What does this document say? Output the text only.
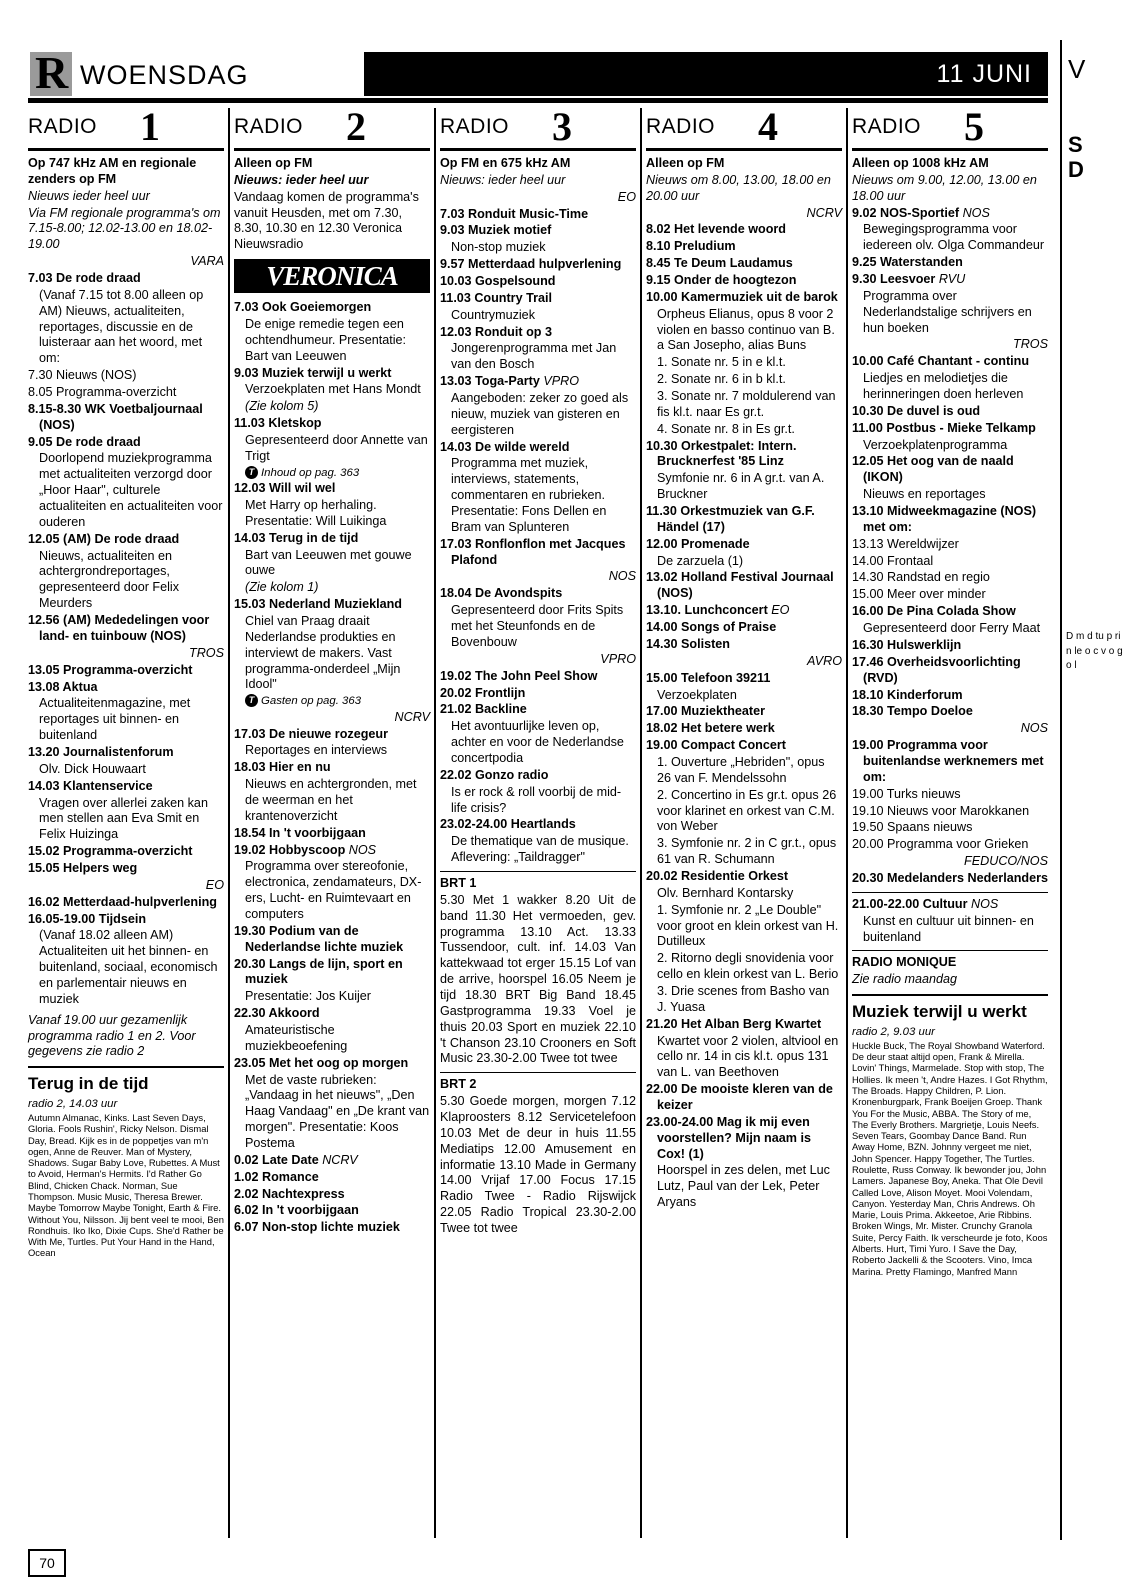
R WOENSDAG	11 JUNI
RADIO 1

Op 747 kHz AM en regionale zenders op FM

Nieuws ieder heel uur

Via FM regionale programma's om 7.15-8.00; 12.02-13.00 en 18.02-19.00

VARA

7.03 De rode draad

(Vanaf 7.15 tot 8.00 alleen op AM) Nieuws, actualiteiten, reportages, discussie en de luisteraar aan het woord, met om:

7.30 Nieuws (NOS)

8.05 Programma-overzicht

8.15-8.30 WK Voetbaljournaal (NOS)

9.05 De rode draad

Doorlopend muziekprogramma met actualiteiten verzorgd door „Hoor Haar", culturele actualiteiten en actualiteiten voor ouderen

12.05 (AM) De rode draad

Nieuws, actualiteiten en achtergrondreportages, gepresenteerd door Felix Meurders

12.56 (AM) Mededelingen voor land- en tuinbouw (NOS)

TROS

13.05 Programma-overzicht

13.08 Aktua

Actualiteitenmagazine, met reportages uit binnen- en buitenland

13.20 Journalistenforum

Olv. Dick Houwaart

14.03 Klantenservice

Vragen over allerlei zaken kan men stellen aan Eva Smit en Felix Huizinga

15.02 Programma-overzicht

15.05 Helpers weg

EO

16.02 Metterdaad-hulpverlening

16.05-19.00 Tijdsein

(Vanaf 18.02 alleen AM) Actualiteiten uit het binnen- en buitenland, sociaal, economisch en parlementair nieuws en muziek

Vanaf 19.00 uur gezamenlijk programma radio 1 en 2. Voor gegevens zie radio 2

Terug in de tijd

radio 2, 14.03 uur

Autumn Almanac, Kinks. Last Seven Days, Gloria. Fools Rushin', Ricky Nelson. Dismal Day, Bread. Kijk es in de poppetjes van m'n ogen, Anne de Reuver. Man of Mystery, Shadows. Sugar Baby Love, Rubettes. A Must to Avoid, Herman's Hermits. I'd Rather Go Blind, Chicken Chack. Norman, Sue Thompson. Music Music, Theresa Brewer. Maybe Tomorrow Maybe Tonight, Earth & Fire. Without You, Nilsson. Jij bent veel te mooi, Ben Rondhuis. Iko Iko, Dixie Cups. She'd Rather be With Me, Turtles. Put Your Hand in the Hand, Ocean

RADIO 2

Alleen op FM

Nieuws: ieder heel uur

Vandaag komen de programma's vanuit Heusden, met om 7.30, 8.30, 10.30 en 12.30 Veronica Nieuwsradio

VERONICA

7.03 Ook Goeiemorgen

De enige remedie tegen een ochtendhumeur. Presentatie: Bart van Leeuwen

9.03 Muziek terwijl u werkt

Verzoekplaten met Hans Mondt

(Zie kolom 5)

11.03 Kletskop

Gepresenteerd door Annette van Trigt

T Inhoud op pag. 363

12.03 Will wil wel

Met Harry op herhaling. Presentatie: Will Luikinga

14.03 Terug in de tijd

Bart van Leeuwen met gouwe ouwe

(Zie kolom 1)

15.03 Nederland Muziekland

Chiel van Praag draait Nederlandse produkties en interviewt de makers. Vast programma-onderdeel „Mijn Idool"

T Gasten op pag. 363

NCRV

17.03 De nieuwe rozegeur

Reportages en interviews

18.03 Hier en nu

Nieuws en achtergronden, met de weerman en het krantenoverzicht

18.54 In 't voorbijgaan

19.02 Hobbyscoop NOS

Programma over stereofonie, electronica, zendamateurs, DX-ers, Lucht- en Ruimtevaart en computers

19.30 Podium van de Nederlandse lichte muziek

20.30 Langs de lijn, sport en muziek

Presentatie: Jos Kuijer

22.30 Akkoord

Amateuristische muziekbeoefening

23.05 Met het oog op morgen

Met de vaste rubrieken: „Vandaag in het nieuws", „Den Haag Vandaag" en „De krant van morgen". Presentatie: Koos Postema

0.02 Late Date NCRV

1.02 Romance

2.02 Nachtexpress

6.02 In 't voorbijgaan

6.07 Non-stop lichte muziek

RADIO 3

Op FM en 675 kHz AM

Nieuws: ieder heel uur

EO

7.03 Ronduit Music-Time

9.03 Muziek motief

Non-stop muziek

9.57 Metterdaad hulpverlening

10.03 Gospelsound

11.03 Country Trail

Countrymuziek

12.03 Ronduit op 3

Jongerenprogramma met Jan van den Bosch

13.03 Toga-Party VPRO

Aangeboden: zeker zo goed als nieuw, muziek van gisteren en eergisteren

14.03 De wilde wereld

Programma met muziek, interviews, statements, commentaren en rubrieken. Presentatie: Fons Dellen en Bram van Splunteren

17.03 Ronflonflon met Jacques Plafond

NOS

18.04 De Avondspits

Gepresenteerd door Frits Spits met het Steunfonds en de Bovenbouw

VPRO

19.02 The John Peel Show

20.02 Frontlijn

21.02 Backline

Het avontuurlijke leven op, achter en voor de Nederlandse concertpodia

22.02 Gonzo radio

Is er rock & roll voorbij de mid-life crisis?

23.02-24.00 Heartlands

De thematique van de musique. Aflevering: „Taildragger"

BRT 1

5.30 Met 1 wakker 8.20 Uit de band 11.30 Het vermoeden, gev. programma 13.10 Act. 13.33 Tussendoor, cult. inf. 14.03 Van kattekwaad tot erger 15.15 Lof van de arrive, hoorspel 16.05 Neem je tijd 18.30 BRT Big Band 18.45 Gastprogramma 19.33 Voel je thuis 20.03 Sport en muziek 22.10 't Chanson 23.10 Crooners en Soft Music 23.30-2.00 Twee tot twee

BRT 2

5.30 Goede morgen, morgen 7.12 Klaproosters 8.12 Servicetelefoon 10.03 Met de deur in huis 11.55 Mediatips 12.00 Amusement en informatie 13.10 Made in Germany 14.00 Vrijaf 17.00 Focus 17.15 Radio Twee - Radio Rijswijck 22.05 Radio Tropical 23.30-2.00 Twee tot twee

RADIO 4

Alleen op FM

Nieuws om 8.00, 13.00, 18.00 en 20.00 uur

NCRV

8.02 Het levende woord

8.10 Preludium

8.45 Te Deum Laudamus

9.15 Onder de hoogtezon

10.00 Kamermuziek uit de barok

Orpheus Elianus, opus 8 voor 2 violen en basso continuo van B. a San Josepho, alias Buns

1. Sonate nr. 5 in e kl.t.

2. Sonate nr. 6 in b kl.t.

3. Sonate nr. 7 moldulerend van fis kl.t. naar Es gr.t.

4. Sonate nr. 8 in Es gr.t.

10.30 Orkestpalet: Intern. Brucknerfest '85 Linz

Symfonie nr. 6 in A gr.t. van A. Bruckner

11.30 Orkestmuziek van G.F. Händel (17)

12.00 Promenade

De zarzuela (1)

13.02 Holland Festival Journaal (NOS)

13.10. Lunchconcert EO

14.00 Songs of Praise

14.30 Solisten

AVRO

15.00 Telefoon 39211

Verzoekplaten

17.00 Muziektheater

18.02 Het betere werk

19.00 Compact Concert

1. Ouverture „Hebriden", opus 26 van F. Mendelssohn

2. Concertino in Es gr.t. opus 26 voor klarinet en orkest van C.M. von Weber

3. Symfonie nr. 2 in C gr.t., opus 61 van R. Schumann

20.02 Residentie Orkest

Olv. Bernhard Kontarsky

1. Symfonie nr. 2 „Le Double" voor groot en klein orkest van H. Dutilleux

2. Ritorno degli snovidenia voor cello en klein orkest van L. Berio

3. Drie scenes from Basho van J. Yuasa

21.20 Het Alban Berg Kwartet

Kwartet voor 2 violen, altviool en cello nr. 14 in cis kl.t. opus 131 van L. van Beethoven

22.00 De mooiste kleren van de keizer

23.00-24.00 Mag ik mij even voorstellen? Mijn naam is Cox! (1)

Hoorspel in zes delen, met Luc Lutz, Paul van der Lek, Peter Aryans

RADIO 5

Alleen op 1008 kHz AM

Nieuws om 9.00, 12.00, 13.00 en 18.00 uur

9.02 NOS-Sportief NOS

Bewegingsprogramma voor iedereen olv. Olga Commandeur

9.25 Waterstanden

9.30 Leesvoer RVU

Programma over Nederlandstalige schrijvers en hun boeken

TROS

10.00 Café Chantant - continu

Liedjes en melodietjes die herinneringen doen herleven

10.30 De duvel is oud

11.00 Postbus - Mieke Telkamp

Verzoekplatenprogramma

12.05 Het oog van de naald (IKON)

Nieuws en reportages

13.10 Midweekmagazine (NOS) met om:

13.13 Wereldwijzer

14.00 Frontaal

14.30 Randstad en regio

15.00 Meer over minder

16.00 De Pina Colada Show

Gepresenteerd door Ferry Maat

16.30 Hulswerklijn

17.46 Overheidsvoorlichting (RVD)

18.10 Kinderforum

18.30 Tempo Doeloe

NOS

19.00 Programma voor buitenlandse werknemers met om:

19.00 Turks nieuws

19.10 Nieuws voor Marokkanen

19.50 Spaans nieuws

20.00 Programma voor Grieken

FEDUCO/NOS

20.30 Medelanders Nederlanders

21.00-22.00 Cultuur NOS

Kunst en cultuur uit binnen- en buitenland

RADIO MONIQUE

Zie radio maandag

Muziek terwijl u werkt

radio 2, 9.03 uur

Huckle Buck, The Royal Showband Waterford. De deur staat altijd open, Frank & Mirella. Lovin' Things, Marmelade. Stop with stop, The Hollies. Ik meen 't, Andre Hazes. I Got Rhythm, The Broads. Happy Children, P. Lion. Kronenburgpark, Frank Boeijen Groep. Thank You For the Music, ABBA. The Story of me, The Everly Brothers. Margrietje, Louis Neefs. Seven Tears, Goombay Dance Band. Run Away Home, BZN. Johnny vergeet me niet, John Spencer. Happy Together, The Turtles. Roulette, Russ Conway. Ik bewonder jou, John Lamers. Japanese Boy, Aneka. That Ole Devil Called Love, Alison Moyet. Mooi Volendam, Canyon. Yesterday Man, Chris Andrews. Oh Marie, Louis Prima. Akkeetoe, Arie Ribbins. Broken Wings, Mr. Mister. Crunchy Granola Suite, Percy Faith. Ik verscheurde je foto, Koos Alberts. Hurt, Timi Yuro. I Save the Day, Roberto Jackelli & the Scooters. Vino, Imca Marina. Pretty Flamingo, Manfred Mann

70
V
S
D
D m d tu p ri n le o c v o g o l
